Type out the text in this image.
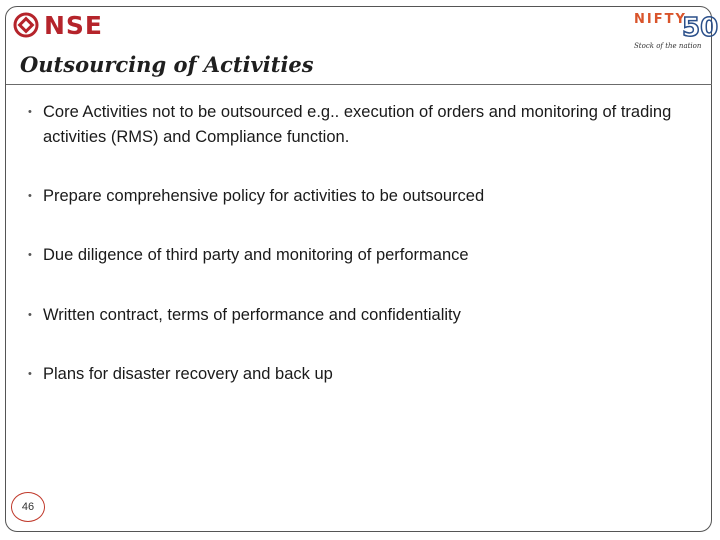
NSE	NIFTY
50
Stock of the nation
Outsourcing of Activities
• Core Activities not to be outsourced e.g.. execution of orders and monitoring of trading activities (RMS) and Compliance function.
• Prepare comprehensive policy for activities to be outsourced
• Due diligence of third party and monitoring of performance
• Written contract, terms of performance and confidentiality
• Plans for disaster recovery and back up
46
